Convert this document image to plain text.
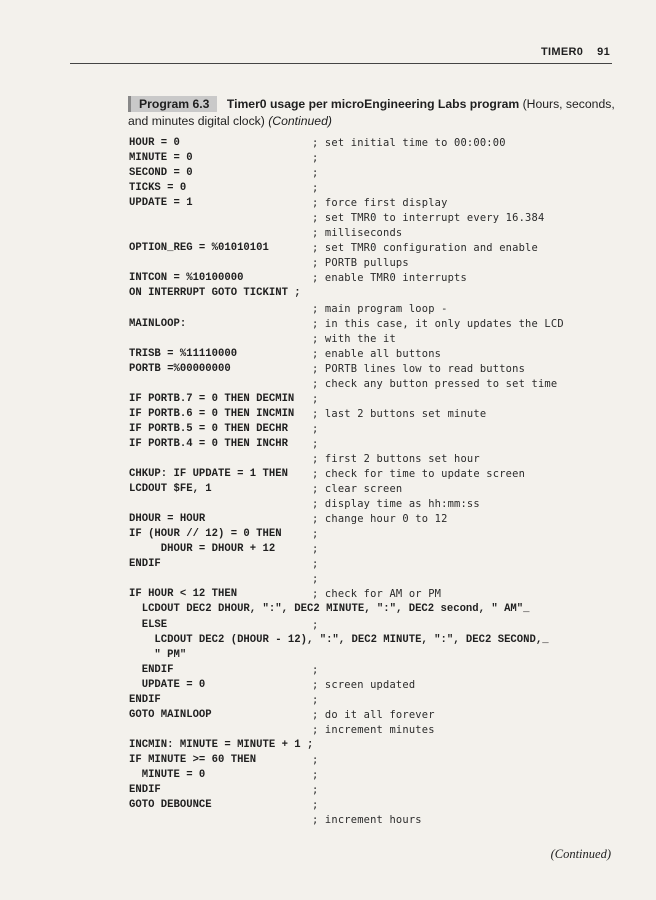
TIMER0 91
Program 6.3 Timer0 usage per microEngineering Labs program (Hours, seconds, and minutes digital clock) (Continued)
HOUR = 0	; set initial time to 00:00:00
MINUTE = 0	;
SECOND = 0	;
TICKS = 0	;
UPDATE = 1	; force first display
; set TMR0 to interrupt every 16.384
; milliseconds
OPTION_REG = %01010101	; set TMR0 configuration and enable
; PORTB pullups
INTCON = %10100000	; enable TMR0 interrupts
ON INTERRUPT GOTO TICKINT ;
; main program loop -
MAINLOOP:	; in this case, it only updates the LCD
; with the it
TRISB = %11110000	; enable all buttons
PORTB =%00000000	; PORTB lines low to read buttons
; check any button pressed to set time
IF PORTB.7 = 0 THEN DECMIN ;
IF PORTB.6 = 0 THEN INCMIN ; last 2 buttons set minute
IF PORTB.5 = 0 THEN DECHR ;
IF PORTB.4 = 0 THEN INCHR ;
; first 2 buttons set hour
CHKUP: IF UPDATE = 1 THEN ; check for time to update screen
LCDOUT $FE, 1	; clear screen
; display time as hh:mm:ss
DHOUR = HOUR	; change hour 0 to 12
IF (HOUR // 12) = 0 THEN	;
DHOUR = DHOUR + 12	;
ENDIF	;
;
IF HOUR < 12 THEN	; check for AM or PM
LCDOUT DEC2 DHOUR, ":", DEC2 MINUTE, ":", DEC2 second, " AM"_
ELSE	;
LCDOUT DEC2 (DHOUR - 12), ":", DEC2 MINUTE, ":", DEC2 SECOND,_
" PM"
ENDIF	;
UPDATE = 0	; screen updated
ENDIF	;
GOTO MAINLOOP	; do it all forever
; increment minutes
INCMIN: MINUTE = MINUTE + 1 ;
IF MINUTE >= 60 THEN	;
MINUTE = 0	;
ENDIF	;
GOTO DEBOUNCE	;
; increment hours
(Continued)
